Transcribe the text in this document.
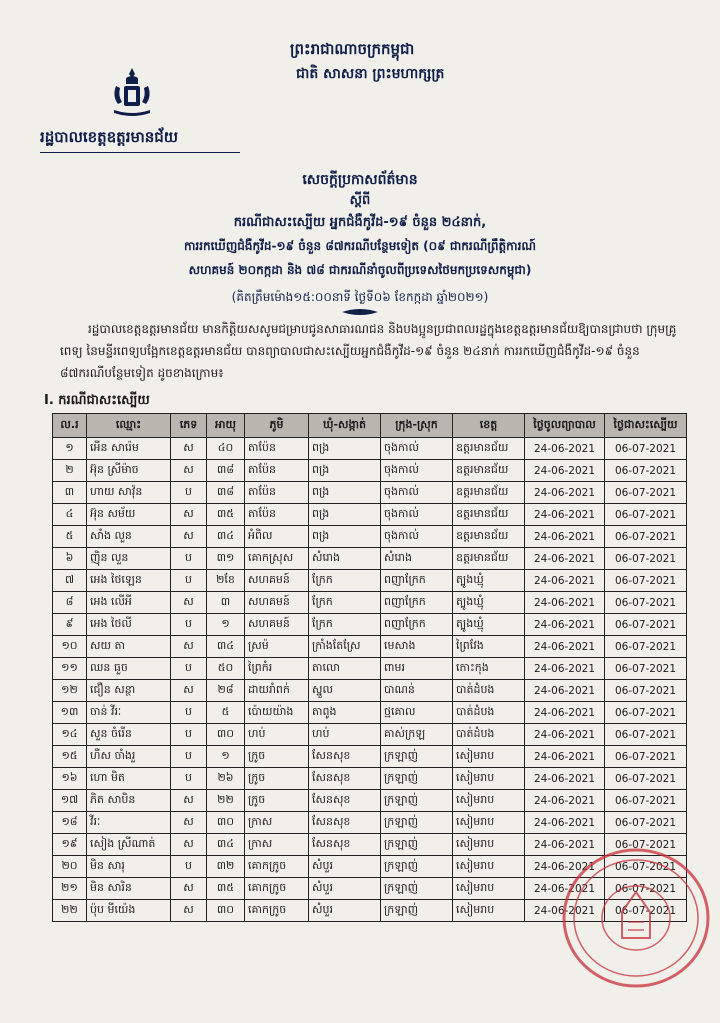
ព្រះរាជាណាចក្រកម្ពុជា
ជាតិ សាសនា ព្រះមហាក្សត្រ
រដ្ឋបាលខេត្តឧត្តរមានជ័យ
សេចក្តីប្រកាសព័ត៌មាន
ស្តីពី
ករណីជាសះស្បើយ អ្នកជំងឺកូវីដ-១៩ ចំនួន ២៤នាក់,
ការរកឃើញជំងឺកូវីដ-១៩ ចំនួន ៨៧ករណីបន្ថែមទៀត (០៩ ជាករណីព្រឹត្តិការណ៍
សហគមន៍ ២០កក្កដា និង ៧៨ ជាករណីនាំចូលពីប្រទេសថៃមកប្រទេសកម្ពុជា)
(គិតត្រឹមម៉ោង១៥:០០នាទី ថ្ងៃទី០៦ ខែកក្កដា ឆ្នាំ២០២១)
រដ្ឋបាលខេត្តឧត្តរមានជ័យ មានកិត្តិយសសូមជម្រាបជូនសាធារណជន និងបងប្អូនប្រជាពលរដ្ឋក្នុងខេត្តឧត្តរមានជ័យឱ្យបានជ្រាបថា ក្រុមគ្រូពេទ្យ នៃមន្ទីរពេទ្យបង្អែកខេត្តឧត្តរមានជ័យ បានព្យាបាលជាសះស្បើយអ្នកជំងឺកូវីដ-១៩ ចំនួន ២៤នាក់ ការរកឃើញជំងឺកូវីដ-១៩ ចំនួន ៨៧ករណីបន្ថែមទៀត ដូចខាងក្រោម៖
I. ករណីជាសះស្បើយ
ល.រ	ឈ្មោះ	ភេទ	អាយុ	ភូមិ	ឃុំ-សង្កាត់	ក្រុង-ស្រុក	ខេត្ត	ថ្ងៃចូលព្យាបាល	ថ្ងៃជាសះស្បើយ
១	អើន សារ៉េម	ស	៤០	តាប៉ែន	ពង្រ	ចុងកាល់	ឧត្តរមានជ័យ	24-06-2021	06-07-2021
២	អ៊ុន ស្រីម៉ាច	ស	៣៨	តាប៉ែន	ពង្រ	ចុងកាល់	ឧត្តរមានជ័យ	24-06-2021	06-07-2021
៣	ហាយ សាវ៉ុន	ប	៣៨	តាប៉ែន	ពង្រ	ចុងកាល់	ឧត្តរមានជ័យ	24-06-2021	06-07-2021
៤	អ៊ុន សម័យ	ស	៣៥	តាប៉ែន	ពង្រ	ចុងកាល់	ឧត្តរមានជ័យ	24-06-2021	06-07-2021
៥	សាំង លួន	ស	៣៤	អំពិល	ពង្រ	ចុងកាល់	ឧត្តរមានជ័យ	24-06-2021	06-07-2021
៦	ញ៉ិន លួន	ប	៣១	គោកស្រុស	សំរោង	សំរោង	ឧត្តរមានជ័យ	24-06-2021	06-07-2021
៧	អេង ថៃឡេន	ប	២ខែ	សហគមន៍	ក្រែក	ពញាក្រែក	ត្បូងឃ្មុំ	24-06-2021	06-07-2021
៨	អេង លើអី	ស	៣	សហគមន៍	ក្រែក	ពញាក្រែក	ត្បូងឃ្មុំ	24-06-2021	06-07-2021
៩	អេង ថៃលី	ប	១	សហគមន៍	ក្រែក	ពញាក្រែក	ត្បូងឃ្មុំ	24-06-2021	06-07-2021
១០	សយ តា	ស	៣៤	ស្រម៉	ក្រាំងតែស្រែ	មេសាង	ព្រៃវែង	24-06-2021	06-07-2021
១១	ឈន ធួច	ប	៥០	ព្រៃកំរ	តាលោ	ពាមរ	កោះកុង	24-06-2021	06-07-2021
១២	ជឿន សន្ថា	ស	២៨	ដាយរាំពក់	ស្នួល	បាណន់	បាត់ដំបង	24-06-2021	06-07-2021
១៣	ចាន់ វីរៈ	ប	៥	ប៉ោយយ៉ាង	តាពូង	ថ្មគោល	បាត់ដំបង	24-06-2021	06-07-2021
១៤	សួន ចំរើន	ប	៣០	ហប់	ហប់	គាស់ក្រឡ	បាត់ដំបង	24-06-2021	06-07-2021
១៥	ហឺស ចាំងរួ	ប	១	ក្រូច	សែនសុខ	ក្រឡាញ់	សៀមរាប	24-06-2021	06-07-2021
១៦	ហោ មិត	ប	២៦	ក្រូច	សែនសុខ	ក្រឡាញ់	សៀមរាប	24-06-2021	06-07-2021
១៧	ភិត សាបិន	ស	២២	ក្រូច	សែនសុខ	ក្រឡាញ់	សៀមរាប	24-06-2021	06-07-2021
១៨	វីរៈ	ស	៣០	ក្រាស	សែនសុខ	ក្រឡាញ់	សៀមរាប	24-06-2021	06-07-2021
១៩	សៀង ស្រីណាត់	ស	៣៤	ក្រាស	សែនសុខ	ក្រឡាញ់	សៀមរាប	24-06-2021	06-07-2021
២០	មិន សារុ	ប	៣២	គោកក្រូច	សំបួរ	ក្រឡាញ់	សៀមរាប	24-06-2021	06-07-2021
២១	មិន សារិន	ស	៣៥	គោកក្រូច	សំបួរ	ក្រឡាញ់	សៀមរាប	24-06-2021	06-07-2021
២២	ប៉ុប មីយ៉េង	ស	៣០	គោកក្រូច	សំបួរ	ក្រឡាញ់	សៀមរាប	24-06-2021	06-07-2021
